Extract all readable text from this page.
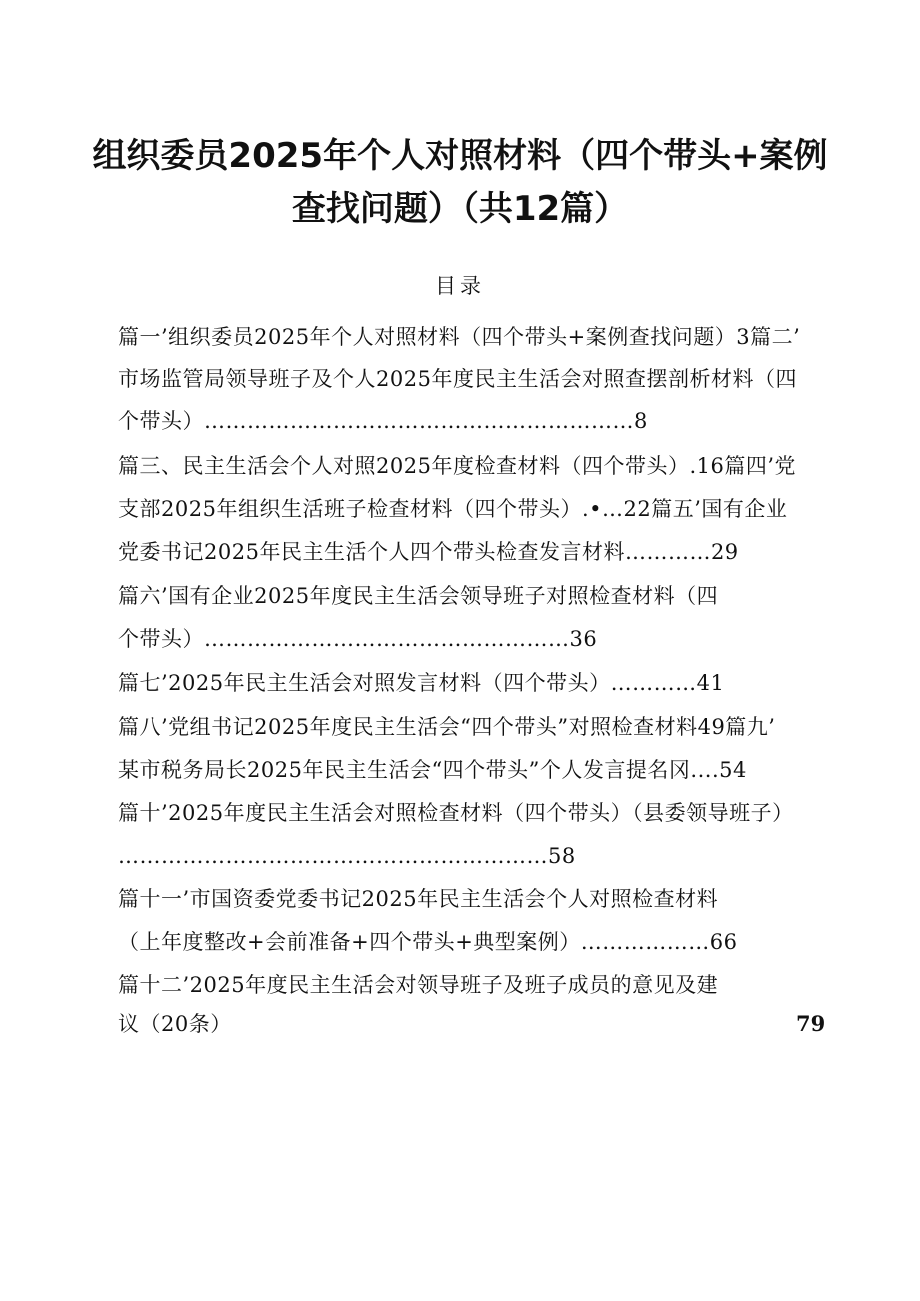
组织委员2025年个人对照材料（四个带头+案例
查找问题）（共12篇）
目录
篇一’组织委员2025年个人对照材料（四个带头+案例查找问题）3篇二’
市场监管局领导班子及个人2025年度民主生活会对照查摆剖析材料（四
个带头）……………………………………………………8
篇三、民主生活会个人对照2025年度检查材料（四个带头）.16篇四’党
支部2025年组织生活班子检查材料（四个带头）.•…22篇五’国有企业
党委书记2025年民主生活个人四个带头检查发言材料…………29
篇六’国有企业2025年度民主生活会领导班子对照检查材料（四
个带头）……………………………………………36
篇七’2025年民主生活会对照发言材料（四个带头）…………41
篇八’党组书记2025年度民主生活会“四个带头”对照检查材料49篇九’
某市税务局长2025年民主生活会“四个带头”个人发言提名冈....54
篇十’2025年度民主生活会对照检查材料（四个带头）（县委领导班子）
……………………………………………………58
篇十一’市国资委党委书记2025年民主生活会个人对照检查材料
（上年度整改+会前准备+四个带头+典型案例）………………66
篇十二’2025年度民主生活会对领导班子及班子成员的意见及建
议（20条）	79
